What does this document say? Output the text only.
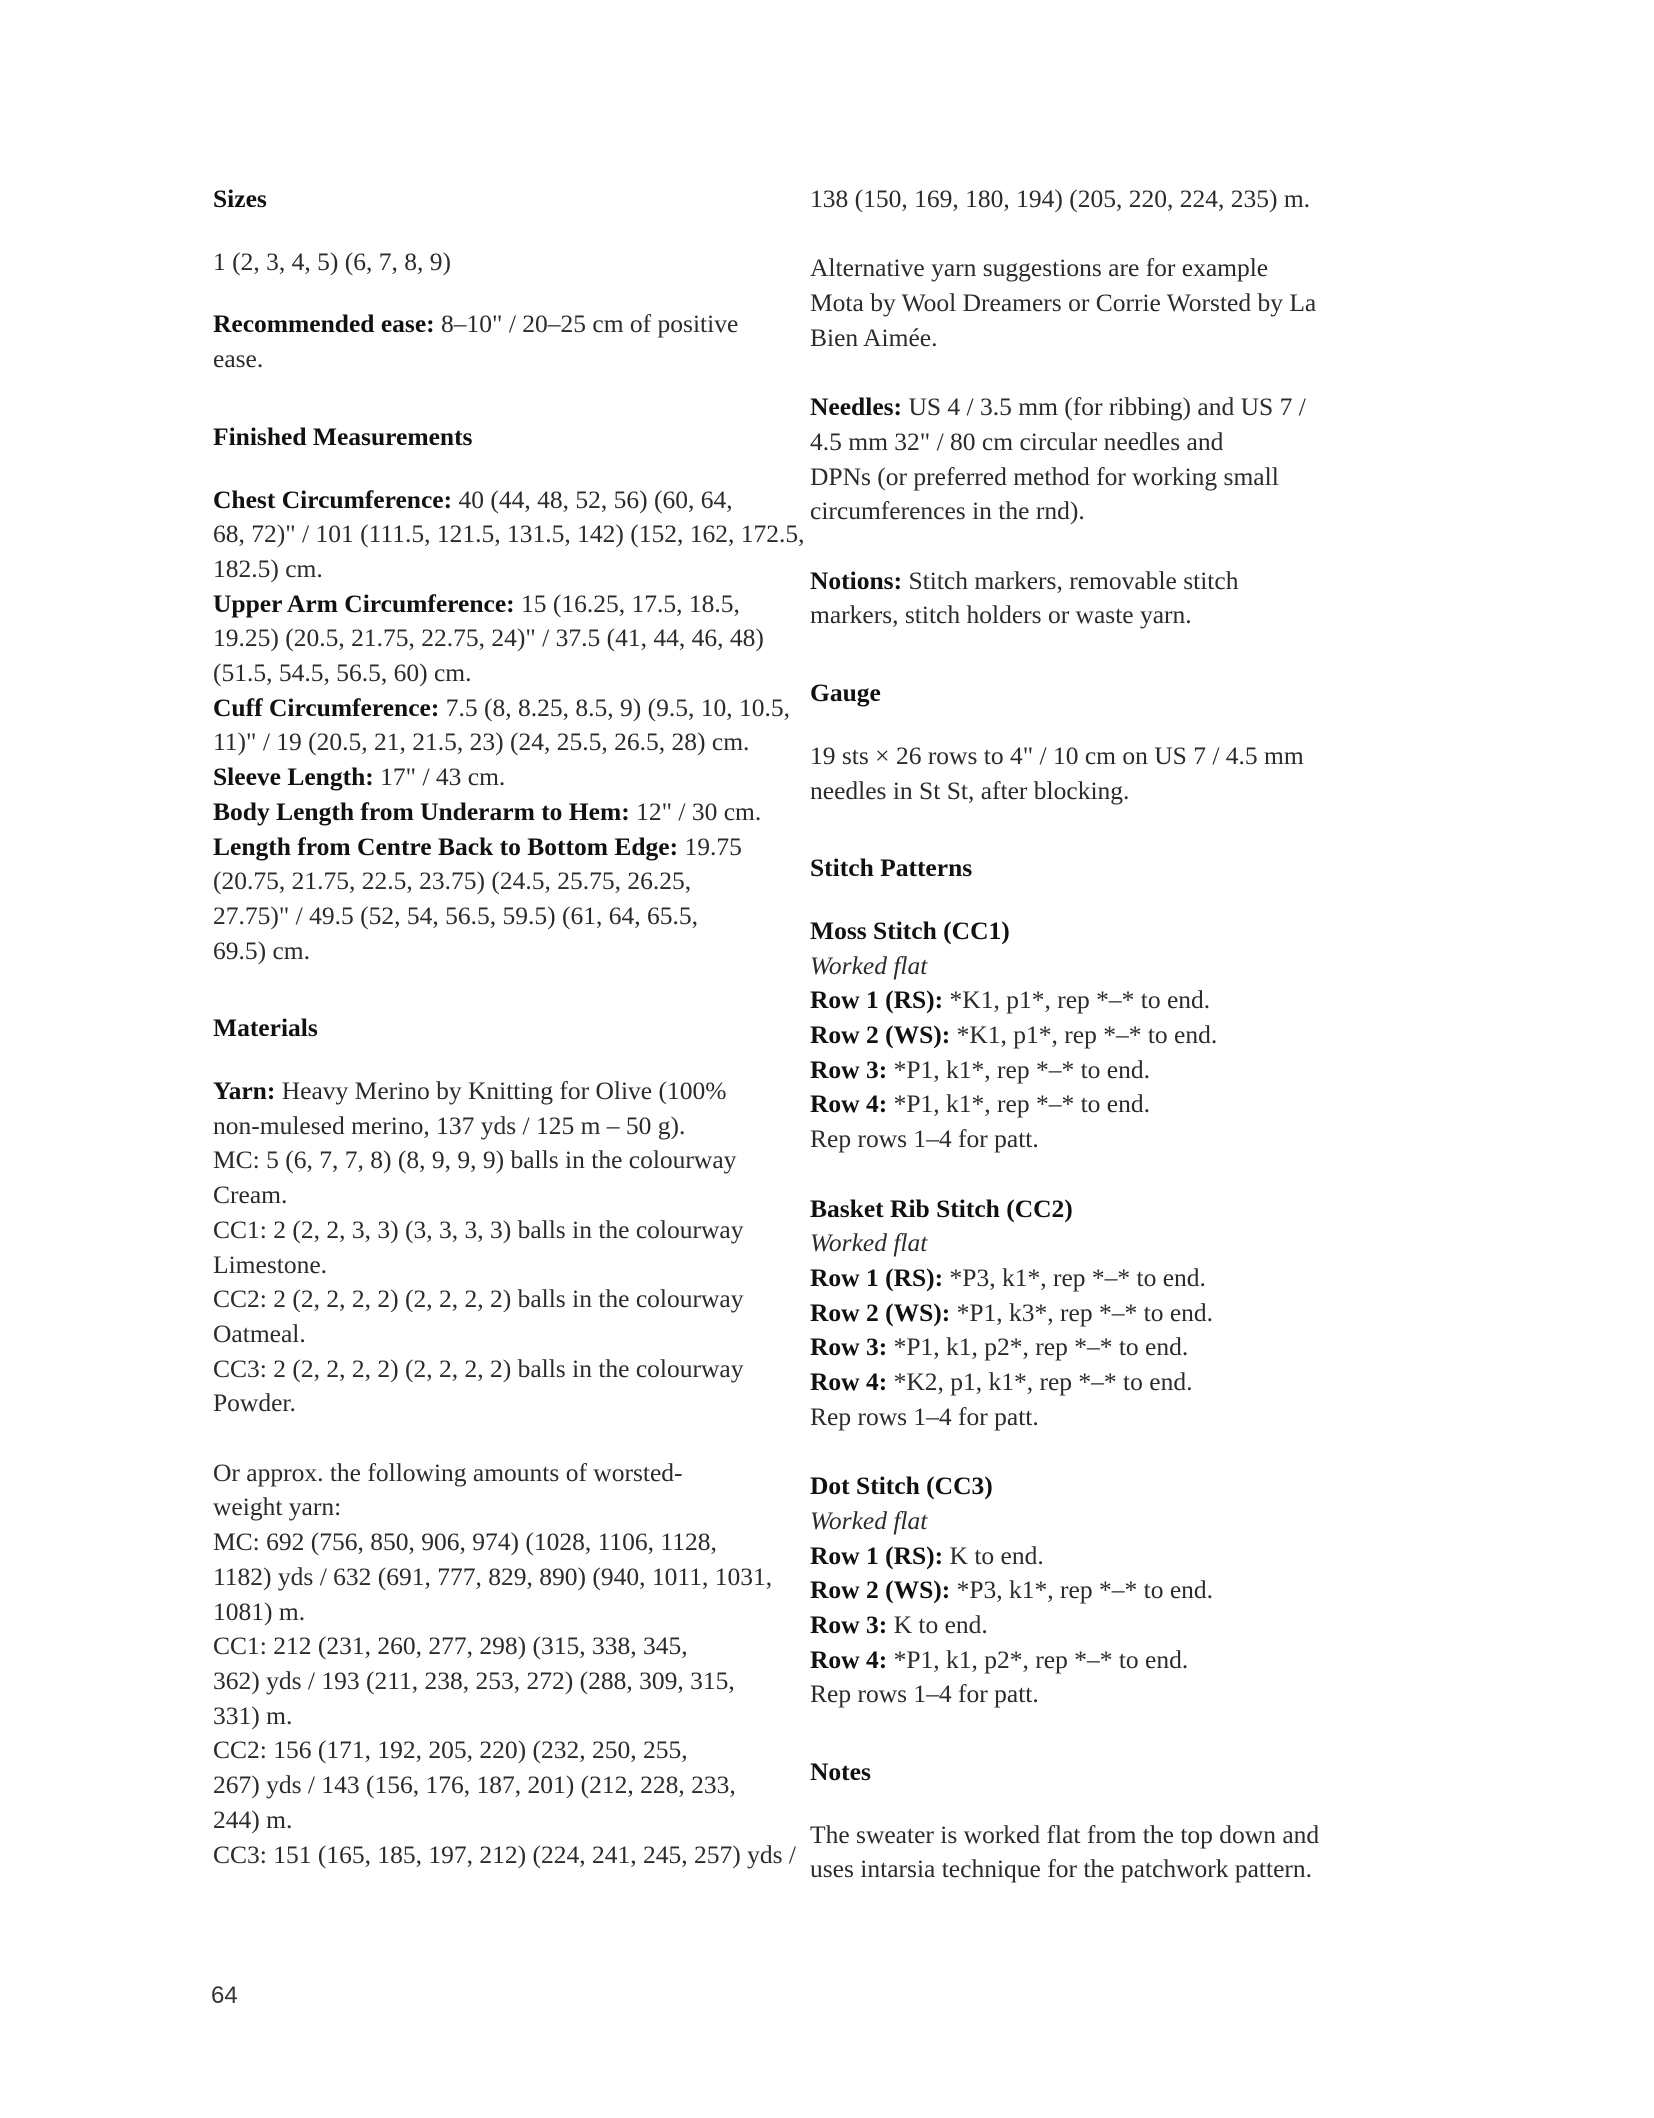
Sizes
1 (2, 3, 4, 5) (6, 7, 8, 9)
Recommended ease: 8–10" / 20–25 cm of positive
ease.
Finished Measurements
Chest Circumference: 40 (44, 48, 52, 56) (60, 64,
68, 72)" / 101 (111.5, 121.5, 131.5, 142) (152, 162, 172.5,
182.5) cm.
Upper Arm Circumference: 15 (16.25, 17.5, 18.5,
19.25) (20.5, 21.75, 22.75, 24)" / 37.5 (41, 44, 46, 48)
(51.5, 54.5, 56.5, 60) cm.
Cuff Circumference: 7.5 (8, 8.25, 8.5, 9) (9.5, 10, 10.5,
11)" / 19 (20.5, 21, 21.5, 23) (24, 25.5, 26.5, 28) cm.
Sleeve Length: 17" / 43 cm.
Body Length from Underarm to Hem: 12" / 30 cm.
Length from Centre Back to Bottom Edge: 19.75
(20.75, 21.75, 22.5, 23.75) (24.5, 25.75, 26.25,
27.75)" / 49.5 (52, 54, 56.5, 59.5) (61, 64, 65.5,
69.5) cm.
Materials
Yarn: Heavy Merino by Knitting for Olive (100%
non-mulesed merino, 137 yds / 125 m – 50 g).
MC: 5 (6, 7, 7, 8) (8, 9, 9, 9) balls in the colourway
Cream.
CC1: 2 (2, 2, 3, 3) (3, 3, 3, 3) balls in the colourway
Limestone.
CC2: 2 (2, 2, 2, 2) (2, 2, 2, 2) balls in the colourway
Oatmeal.
CC3: 2 (2, 2, 2, 2) (2, 2, 2, 2) balls in the colourway
Powder.
Or approx. the following amounts of worsted-
weight yarn:
MC: 692 (756, 850, 906, 974) (1028, 1106, 1128,
1182) yds / 632 (691, 777, 829, 890) (940, 1011, 1031,
1081) m.
CC1: 212 (231, 260, 277, 298) (315, 338, 345,
362) yds / 193 (211, 238, 253, 272) (288, 309, 315,
331) m.
CC2: 156 (171, 192, 205, 220) (232, 250, 255,
267) yds / 143 (156, 176, 187, 201) (212, 228, 233,
244) m.
CC3: 151 (165, 185, 197, 212) (224, 241, 245, 257) yds /
138 (150, 169, 180, 194) (205, 220, 224, 235) m.
Alternative yarn suggestions are for example
Mota by Wool Dreamers or Corrie Worsted by La
Bien Aimée.
Needles: US 4 / 3.5 mm (for ribbing) and US 7 /
4.5 mm 32" / 80 cm circular needles and
DPNs (or preferred method for working small
circumferences in the rnd).
Notions: Stitch markers, removable stitch
markers, stitch holders or waste yarn.
Gauge
19 sts × 26 rows to 4" / 10 cm on US 7 / 4.5 mm
needles in St St, after blocking.
Stitch Patterns
Moss Stitch (CC1)
Worked flat
Row 1 (RS): *K1, p1*, rep *–* to end.
Row 2 (WS): *K1, p1*, rep *–* to end.
Row 3: *P1, k1*, rep *–* to end.
Row 4: *P1, k1*, rep *–* to end.
Rep rows 1–4 for patt.
Basket Rib Stitch (CC2)
Worked flat
Row 1 (RS): *P3, k1*, rep *–* to end.
Row 2 (WS): *P1, k3*, rep *–* to end.
Row 3: *P1, k1, p2*, rep *–* to end.
Row 4: *K2, p1, k1*, rep *–* to end.
Rep rows 1–4 for patt.
Dot Stitch (CC3)
Worked flat
Row 1 (RS): K to end.
Row 2 (WS): *P3, k1*, rep *–* to end.
Row 3: K to end.
Row 4: *P1, k1, p2*, rep *–* to end.
Rep rows 1–4 for patt.
Notes
The sweater is worked flat from the top down and
uses intarsia technique for the patchwork pattern.
64
